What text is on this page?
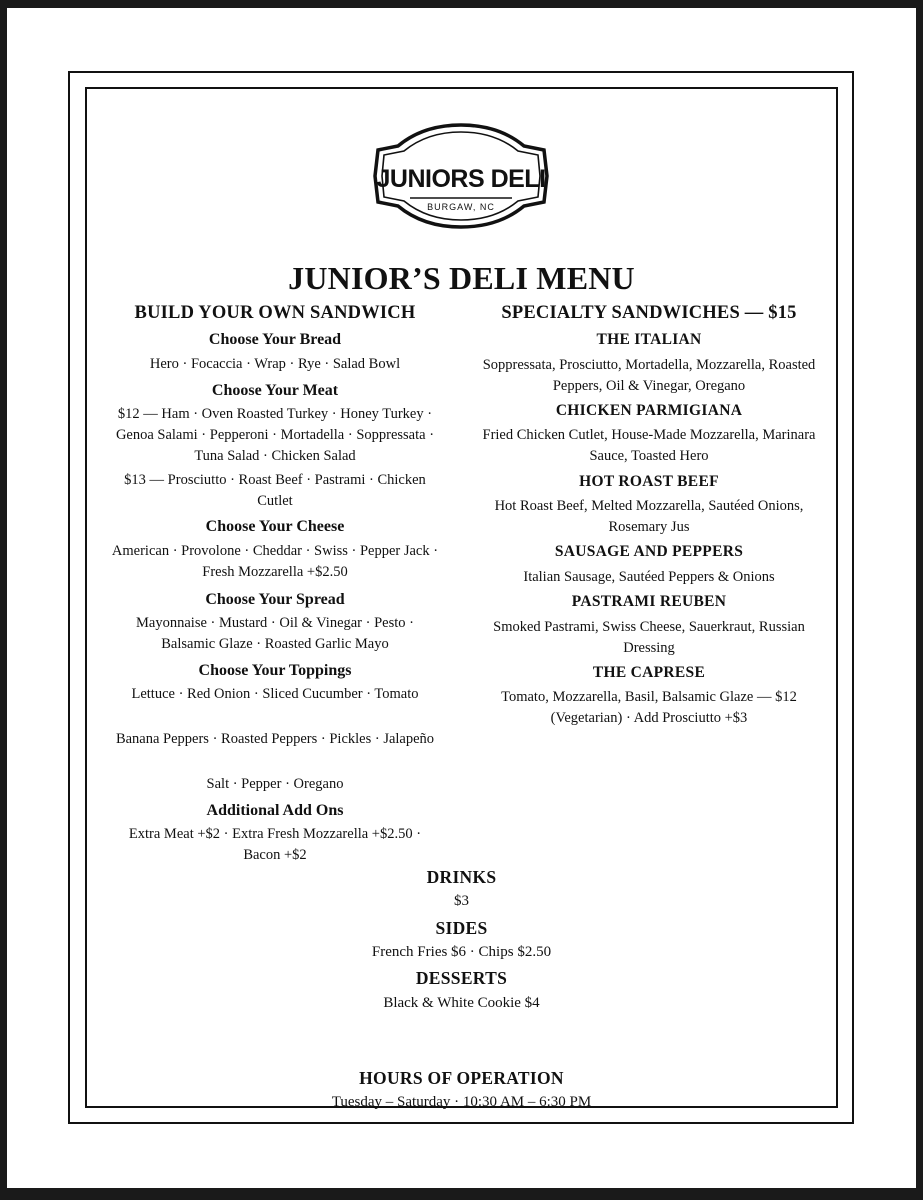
JUNIORS DELI
BURGAW, NC
JUNIOR’S DELI MENU
BUILD YOUR OWN SANDWICH
Choose Your Bread

Hero · Focaccia · Wrap · Rye · Salad Bowl

Choose Your Meat

$12 — Ham · Oven Roasted Turkey · Honey Turkey · Genoa Salami · Pepperoni · Mortadella · Soppressata · Tuna Salad · Chicken Salad

$13 — Prosciutto · Roast Beef · Pastrami · Chicken Cutlet

Choose Your Cheese

American · Provolone · Cheddar · Swiss · Pepper Jack · Fresh Mozzarella +$2.50

Choose Your Spread

Mayonnaise · Mustard · Oil & Vinegar · Pesto · Balsamic Glaze · Roasted Garlic Mayo

Choose Your Toppings

Lettuce · Red Onion · Sliced Cucumber · Tomato

Banana Peppers · Roasted Peppers · Pickles · Jalapeño

Salt · Pepper · Oregano

Additional Add Ons

Extra Meat +$2 · Extra Fresh Mozzarella +$2.50 · Bacon +$2

SPECIALTY SANDWICHES — $15
THE ITALIAN

Soppressata, Prosciutto, Mortadella, Mozzarella, Roasted Peppers, Oil & Vinegar, Oregano

CHICKEN PARMIGIANA

Fried Chicken Cutlet, House-Made Mozzarella, Marinara Sauce, Toasted Hero

HOT ROAST BEEF

Hot Roast Beef, Melted Mozzarella, Sautéed Onions, Rosemary Jus

SAUSAGE AND PEPPERS

Italian Sausage, Sautéed Peppers & Onions

PASTRAMI REUBEN

Smoked Pastrami, Swiss Cheese, Sauerkraut, Russian Dressing

THE CAPRESE

Tomato, Mozzarella, Basil, Balsamic Glaze — $12 (Vegetarian) · Add Prosciutto +$3

DRINKS

$3

SIDES

French Fries $6 · Chips $2.50

DESSERTS

Black & White Cookie $4

HOURS OF OPERATION

Tuesday – Saturday · 10:30 AM – 6:30 PM
